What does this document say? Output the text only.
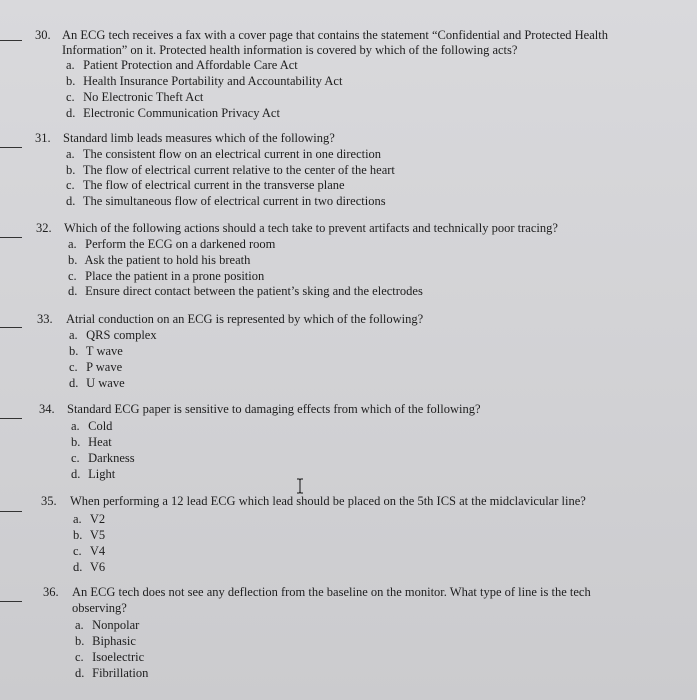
30. An ECG tech receives a fax with a cover page that contains the statement “Confidential and Protected Health
Information” on it. Protected health information is covered by which of the following acts?
a. Patient Protection and Affordable Care Act
b. Health Insurance Portability and Accountability Act
c. No Electronic Theft Act
d. Electronic Communication Privacy Act
31. Standard limb leads measures which of the following?
a. The consistent flow on an electrical current in one direction
b. The flow of electrical current relative to the center of the heart
c. The flow of electrical current in the transverse plane
d. The simultaneous flow of electrical current in two directions
32. Which of the following actions should a tech take to prevent artifacts and technically poor tracing?
a. Perform the ECG on a darkened room
b. Ask the patient to hold his breath
c. Place the patient in a prone position
d. Ensure direct contact between the patient’s sking and the electrodes
33. Atrial conduction on an ECG is represented by which of the following?
a. QRS complex
b. T wave
c. P wave
d. U wave
34. Standard ECG paper is sensitive to damaging effects from which of the following?
a. Cold
b. Heat
c. Darkness
d. Light
35. When performing a 12 lead ECG which lead should be placed on the 5th ICS at the midclavicular line?
a. V2
b. V5
c. V4
d. V6
36. An ECG tech does not see any deflection from the baseline on the monitor. What type of line is the tech
observing?
a. Nonpolar
b. Biphasic
c. Isoelectric
d. Fibrillation
